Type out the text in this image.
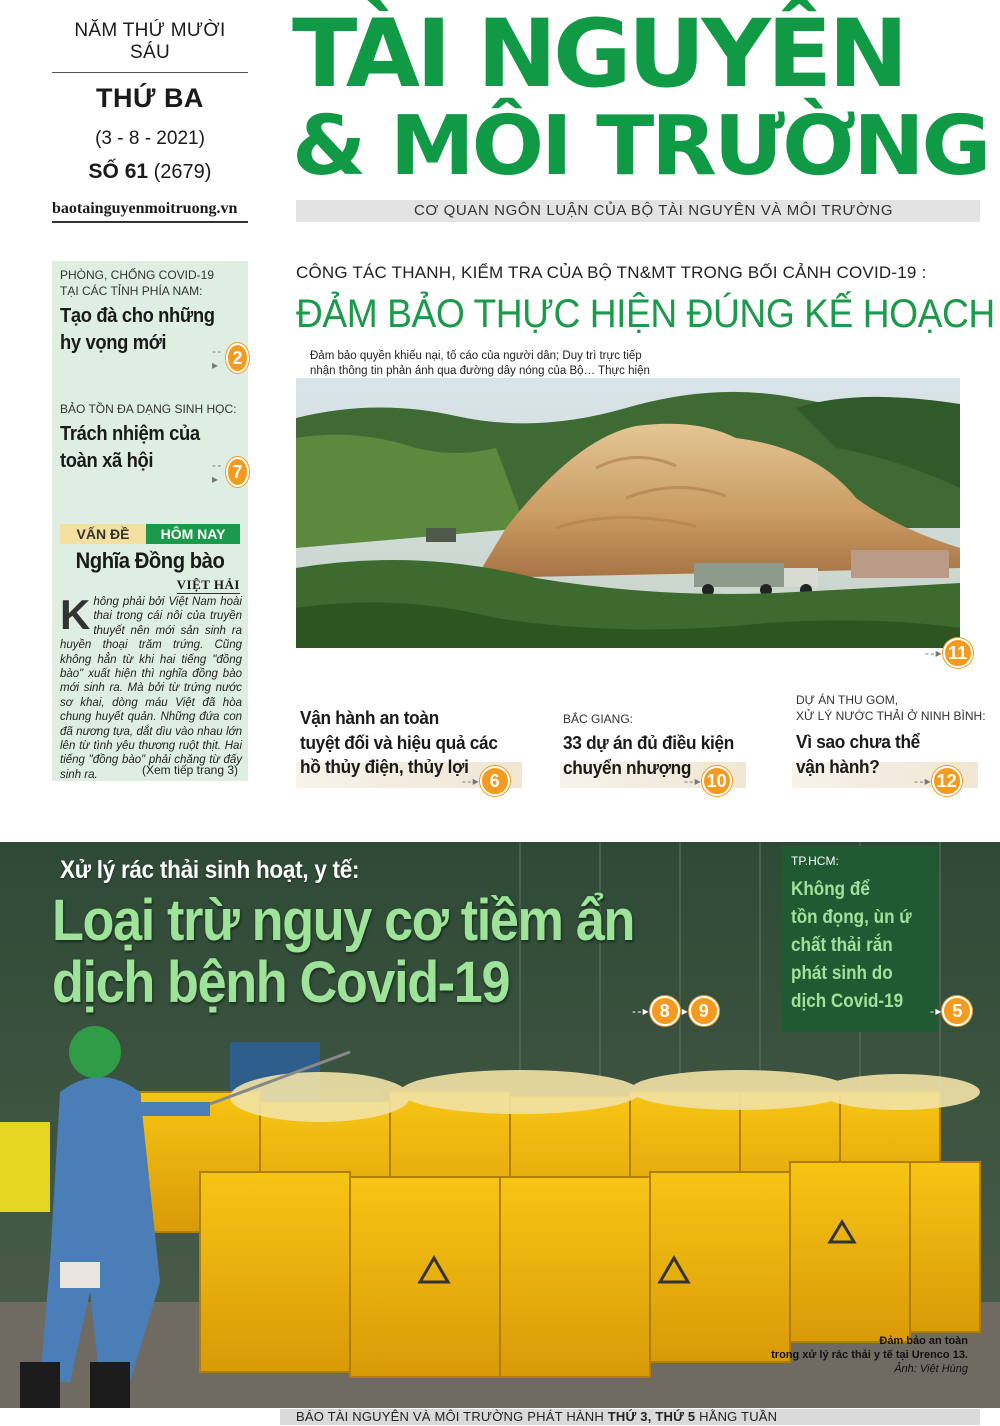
NĂM THỨ MƯỜI SÁU
THỨ BA
(3 - 8 - 2021)
SỐ 61 (2679)
baotainguyenmoitruong.vn
TÀI NGUYÊN
& MÔI TRƯỜNG
CƠ QUAN NGÔN LUẬN CỦA BỘ TÀI NGUYÊN VÀ MÔI TRƯỜNG
PHÒNG, CHỐNG COVID-19
TẠI CÁC TỈNH PHÍA NAM:
Tạo đà cho những
hy vọng mới	- - ▸ 2
BẢO TỒN ĐA DẠNG SINH HỌC:
Trách nhiệm của
toàn xã hội	- - ▸ 7
VẤN ĐỀ	HÔM NAY
Nghĩa Đồng bào
VIỆT HẢI
Không phải bởi Việt Nam hoài thai trong cái nôi của truyền thuyết nên mới sản sinh ra huyền thoại trăm trứng. Cũng không hẳn từ khi hai tiếng "đồng bào" xuất hiện thì nghĩa đồng bào mới sinh ra. Mà bởi từ trứng nước sơ khai, dòng máu Việt đã hòa chung huyết quản. Những đứa con đã nương tựa, dắt dìu vào nhau lớn lên từ tình yêu thương ruột thịt. Hai tiếng "đồng bào" phải chăng từ đấy sinh ra.	(Xem tiếp trang 3)
CÔNG TÁC THANH, KIỂM TRA CỦA BỘ TN&MT TRONG BỐI CẢNH COVID-19 :
ĐẢM BẢO THỰC HIỆN ĐÚNG KẾ HOẠCH
Đảm bảo quyền khiếu nại, tố cáo của người dân; Duy trì trực tiếp nhận thông tin phản ánh qua đường dây nóng của Bộ… Thực hiện
- - ▸ 11
Vận hành an toàn
tuyệt đối và hiệu quả các
hồ thủy điện, thủy lợi
- - ▸ 6
BẮC GIANG:
33 dự án đủ điều kiện
chuyển nhượng
- - ▸ 10
DỰ ÁN THU GOM,
XỬ LÝ NƯỚC THẢI Ở NINH BÌNH:
Vì sao chưa thể
vận hành?
- - ▸ 12
Xử lý rác thải sinh hoạt, y tế:
Loại trừ nguy cơ tiềm ẩn
dịch bệnh Covid-19	- - ▸ 8	▸ 9
TP.HCM:
Không để
tồn đọng, ùn ứ
chất thải rắn
phát sinh do
dịch Covid-19	- ▸ 5
Đảm bảo an toàn
trong xử lý rác thải y tế tại Urenco 13.
Ảnh: Việt Hùng
BÁO TÀI NGUYÊN VÀ MÔI TRƯỜNG PHÁT HÀNH THỨ 3, THỨ 5 HẰNG TUẦN
